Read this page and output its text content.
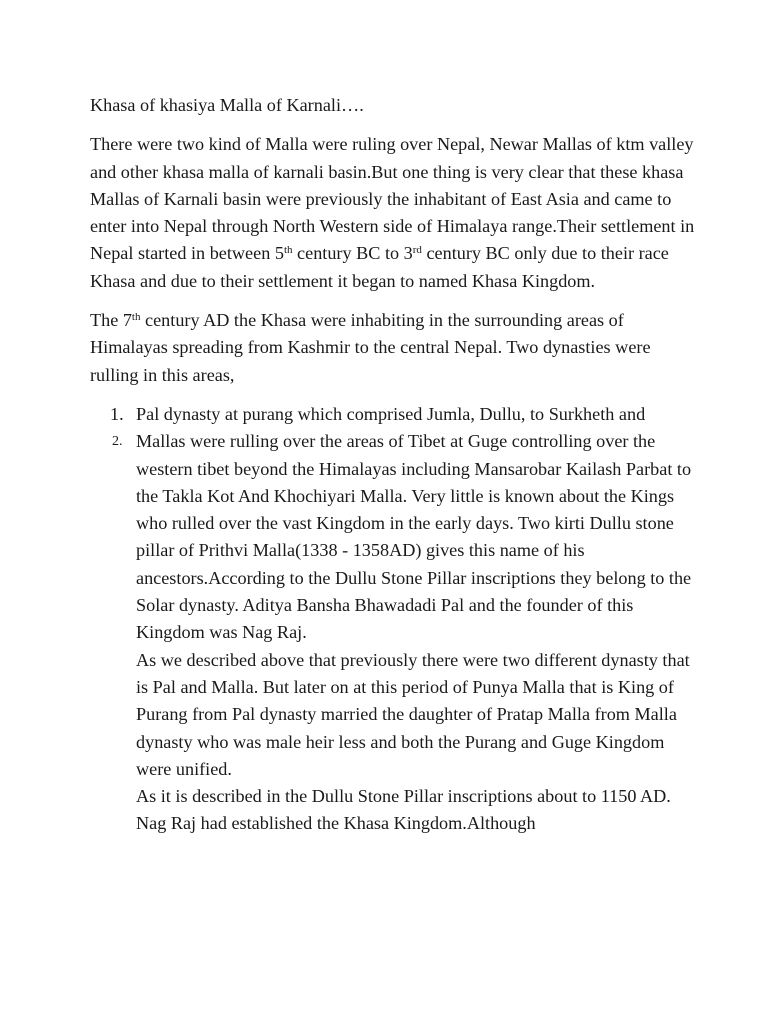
Khasa of khasiya Malla of Karnali….

There were two kind of Malla were ruling over Nepal, Newar Mallas of ktm valley and other khasa malla of karnali basin.But one thing is very clear that these khasa Mallas of Karnali basin were previously the inhabitant of East Asia and came to enter into Nepal through North Western side of Himalaya range.Their settlement in Nepal started in between 5th century BC to 3rd century BC only due to their race Khasa and due to their settlement it began to named Khasa Kingdom.

The 7th century AD the Khasa were inhabiting in the surrounding areas of Himalayas spreading from Kashmir to the central Nepal. Two dynasties were rulling in this areas,

1. Pal dynasty at purang which comprised Jumla, Dullu, to Surkheth and
2. Mallas were rulling over the areas of Tibet at Guge controlling over the western tibet beyond the Himalayas including Mansarobar Kailash Parbat to the Takla Kot And Khochiyari Malla. Very little is known about the Kings who rulled over the vast Kingdom in the early days. Two kirti Dullu stone pillar of Prithvi Malla(1338 - 1358AD) gives this name of his ancestors.According to the Dullu Stone Pillar inscriptions they belong to the Solar dynasty. Aditya Bansha Bhawadadi Pal and the founder of this Kingdom was Nag Raj.
As we described above that previously there were two different dynasty that is Pal and Malla. But later on at this period of Punya Malla that is King of Purang from Pal dynasty married the daughter of Pratap Malla from Malla dynasty who was male heir less and both the Purang and Guge Kingdom were unified.
As it is described in the Dullu Stone Pillar inscriptions about to 1150 AD. Nag Raj had established the Khasa Kingdom.Although
